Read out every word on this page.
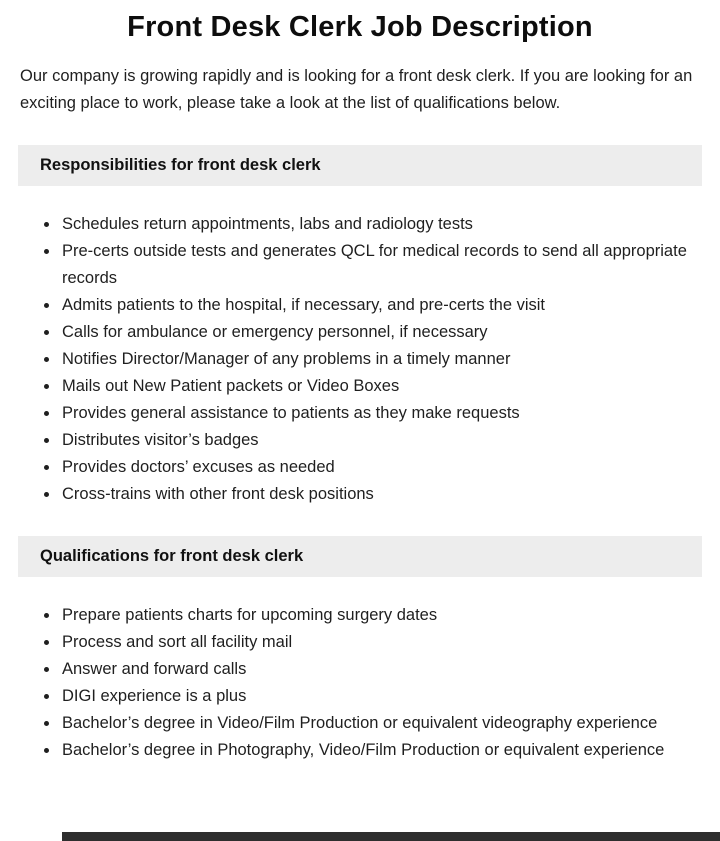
Front Desk Clerk Job Description

Our company is growing rapidly and is looking for a front desk clerk. If you are looking for an exciting place to work, please take a look at the list of qualifications below.

Responsibilities for front desk clerk
• Schedules return appointments, labs and radiology tests
• Pre-certs outside tests and generates QCL for medical records to send all appropriate records
• Admits patients to the hospital, if necessary, and pre-certs the visit
• Calls for ambulance or emergency personnel, if necessary
• Notifies Director/Manager of any problems in a timely manner
• Mails out New Patient packets or Video Boxes
• Provides general assistance to patients as they make requests
• Distributes visitor’s badges
• Provides doctors’ excuses as needed
• Cross-trains with other front desk positions
Qualifications for front desk clerk
• Prepare patients charts for upcoming surgery dates
• Process and sort all facility mail
• Answer and forward calls
• DIGI experience is a plus
• Bachelor’s degree in Video/Film Production or equivalent videography experience
• Bachelor’s degree in Photography, Video/Film Production or equivalent experience
